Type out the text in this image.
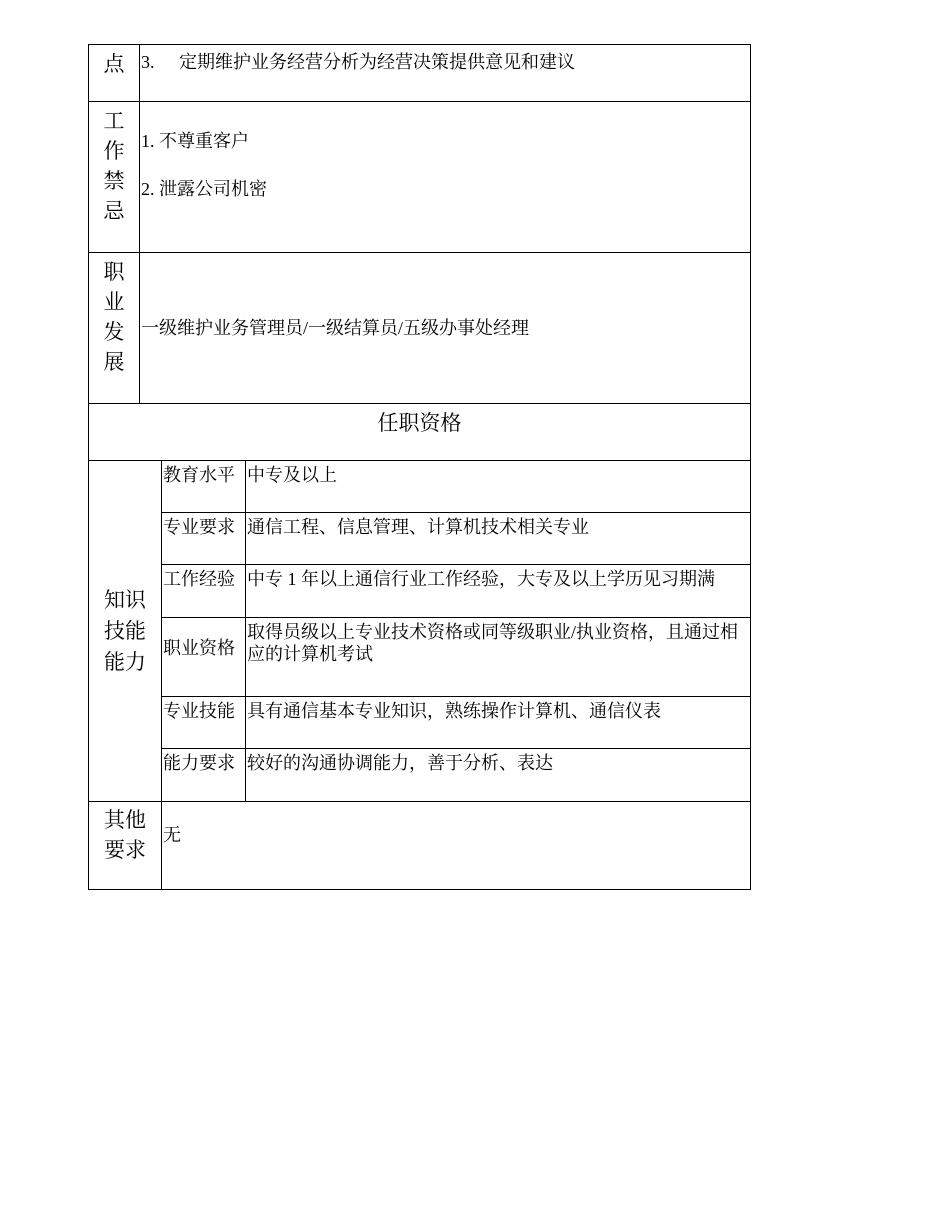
点	3. 定期维护业务经营分析为经营决策提供意见和建议		

工
作
禁
忌	1. 不尊重客户
2. 泄露公司机密		

职
业
发
展	一级维护业务管理员/一级结算员/五级办事处经理		
任职资格			

知识
技能
能力		教育水平	中专及以上
		专业要求	通信工程、信息管理、计算机技术相关专业
		工作经验	中专 1 年以上通信行业工作经验，大专及以上学历见习期满
		职业资格	取得员级以上专业技术资格或同等级职业/执业资格，且通过相应的计算机考试
		专业技能	具有通信基本专业知识，熟练操作计算机、通信仪表
		能力要求	较好的沟通协调能力，善于分析、表达

其他
要求		无	
